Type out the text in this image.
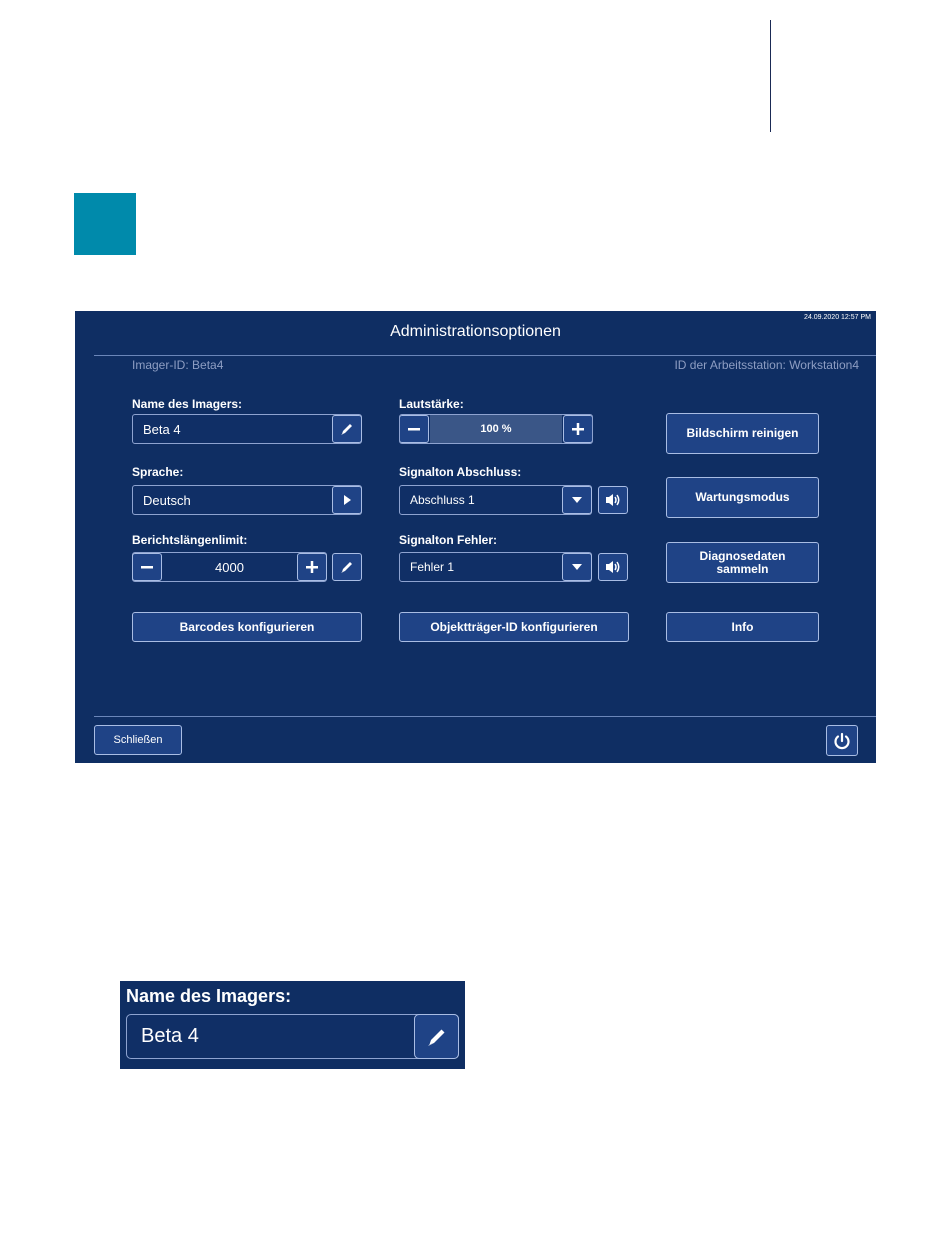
24.09.2020 12:57 PM
Administrationsoptionen
Imager-ID: Beta4	ID der Arbeitsstation: Workstation4
Name des Imagers:
Beta 4
Sprache:
Deutsch
Berichtslängenlimit:
4000
Barcodes konfigurieren
Lautstärke:
100 %
Signalton Abschluss:
Abschluss 1
Signalton Fehler:
Fehler 1
Objektträger-ID konfigurieren
Bildschirm reinigen
Wartungsmodus
Diagnosedaten
sammeln
Info
Schließen
Name des Imagers:
Beta 4
